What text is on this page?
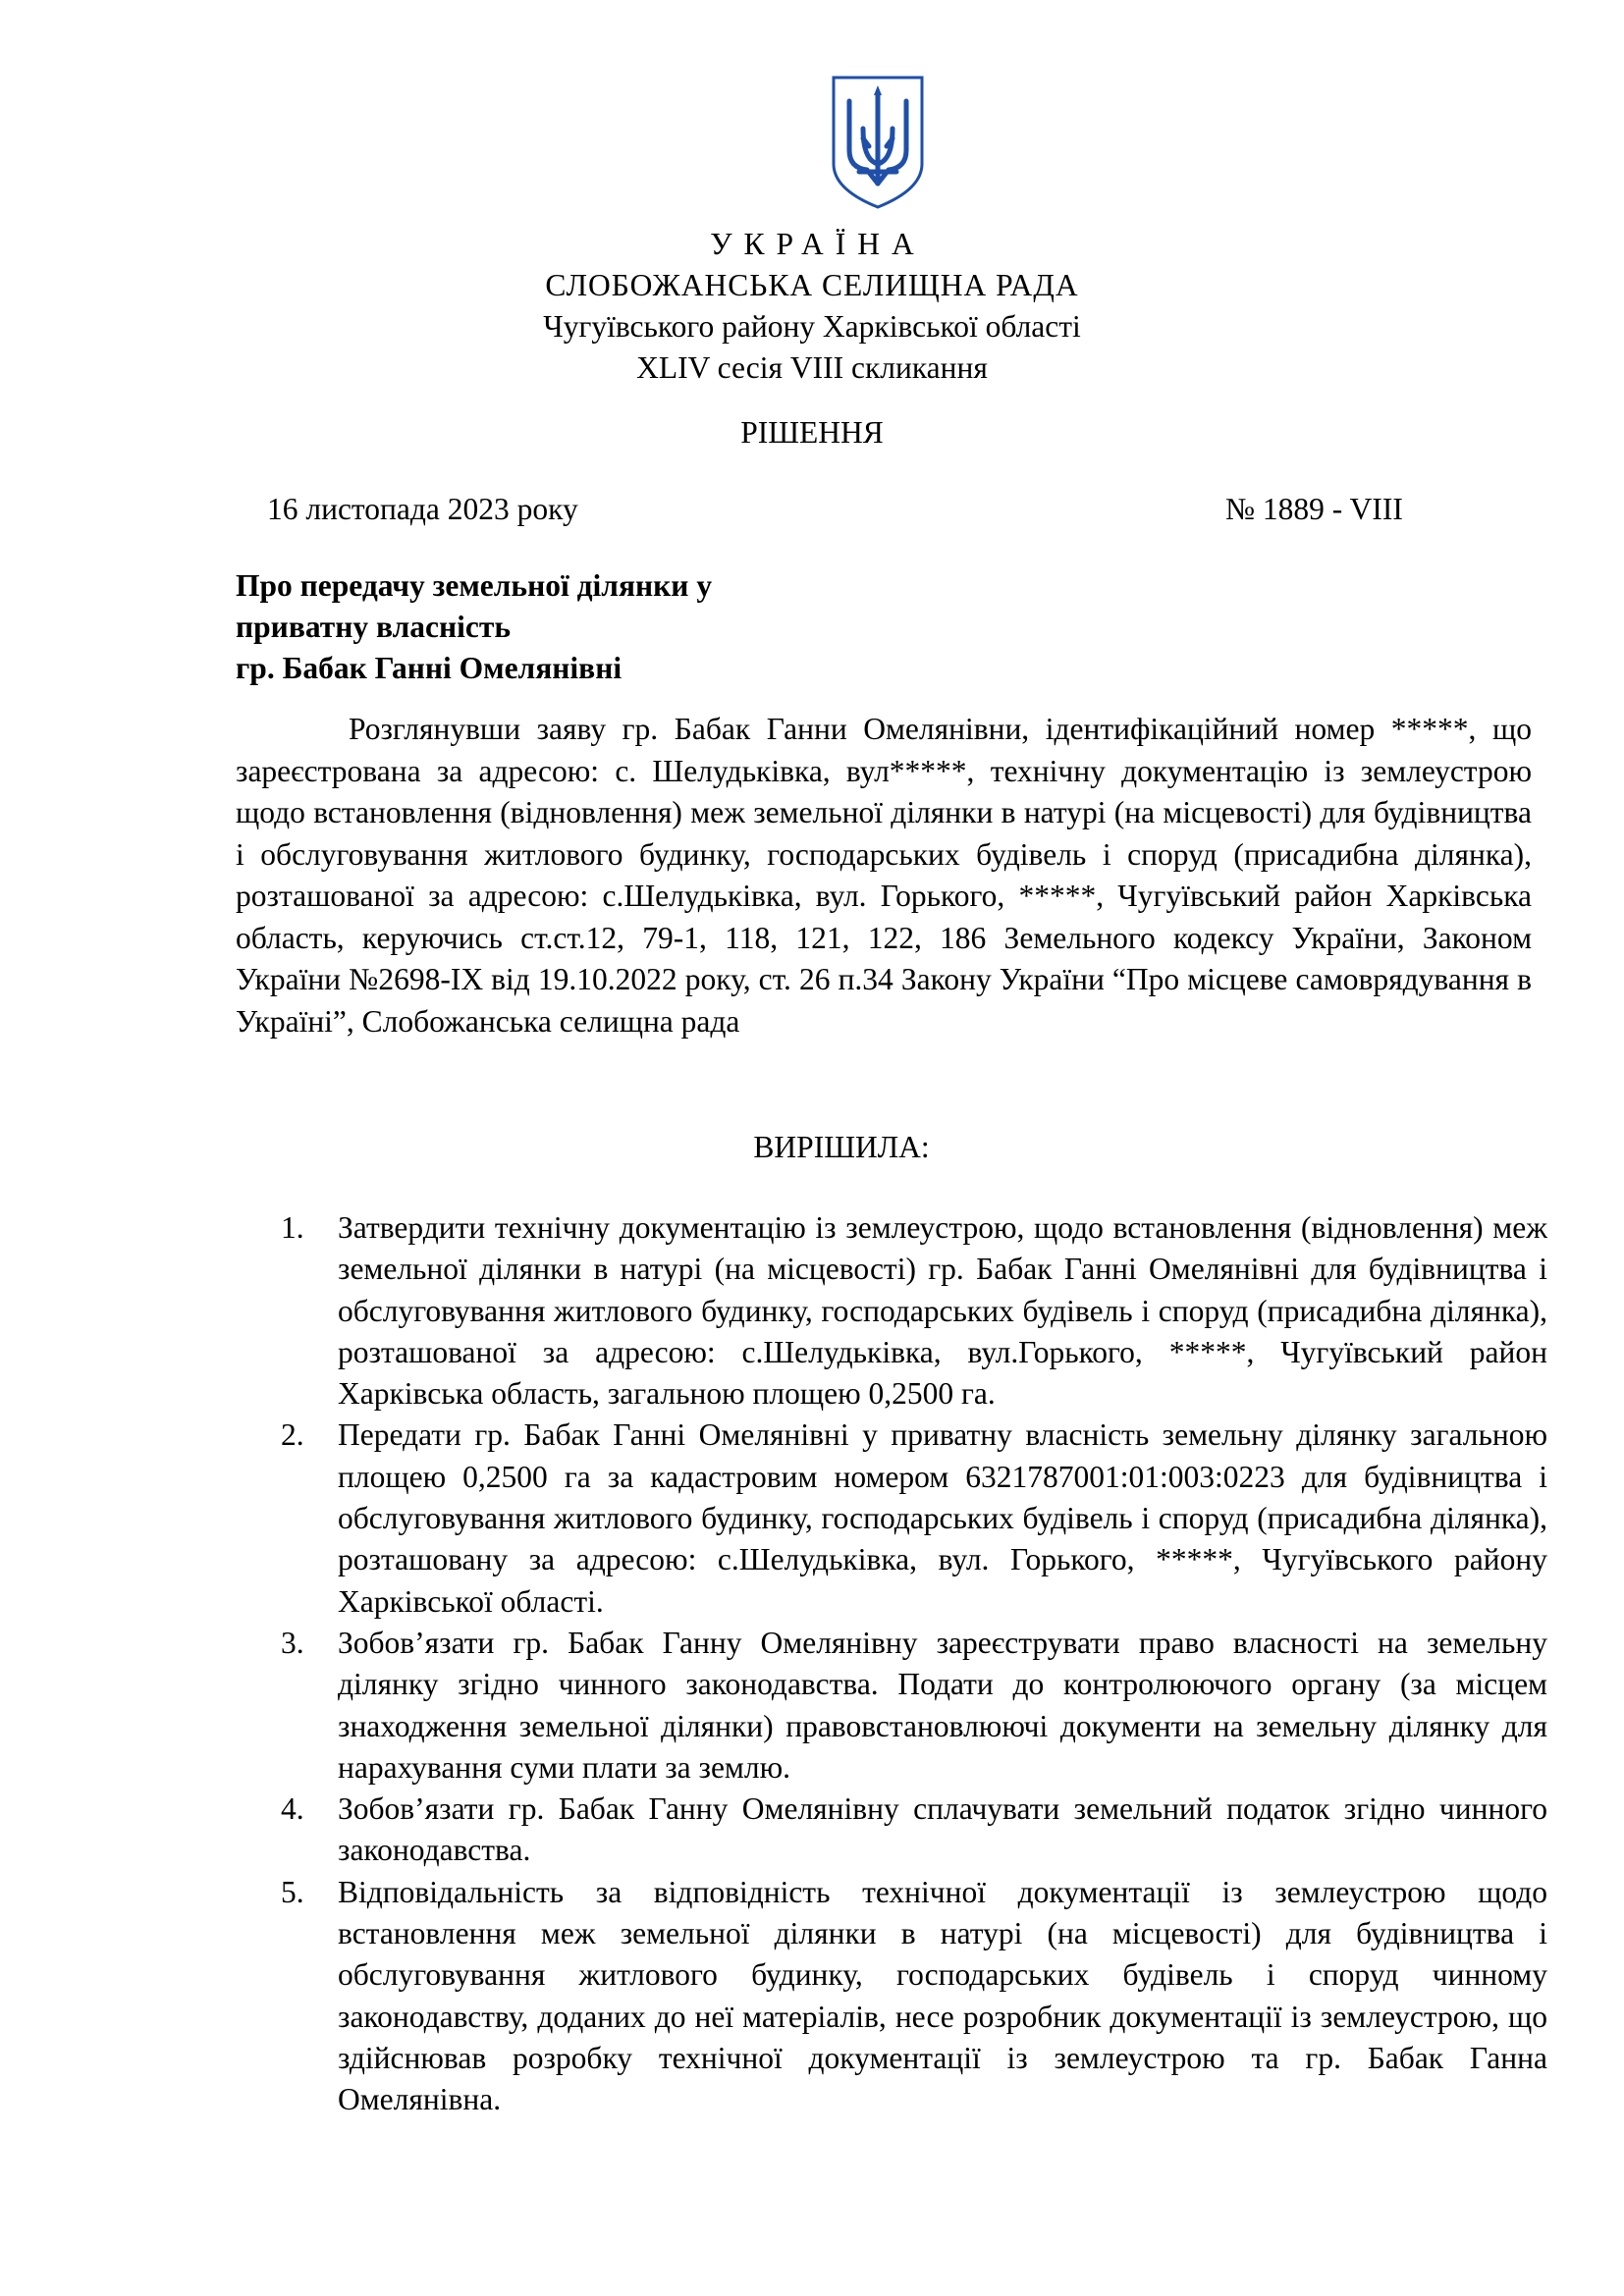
УКРАЇНА
СЛОБОЖАНСЬКА СЕЛИЩНА РАДА
Чугуївського району Харківської області
XLIV сесія VIII скликання
РІШЕННЯ
16 листопада 2023 року	№ 1889 - VIII
Про передачу земельної ділянки у
приватну власність
гр. Бабак Ганні Омелянівні

Розглянувши заяву гр. Бабак Ганни Омелянівни, ідентифікаційний номер *****, що зареєстрована за адресою: с. Шелудьківка, вул*****, технічну документацію із землеустрою щодо встановлення (відновлення) меж земельної ділянки в натурі (на місцевості) для будівництва і обслуговування житлового будинку, господарських будівель і споруд (присадибна ділянка), розташованої за адресою: с.Шелудьківка, вул. Горького, *****, Чугуївський район Харківська область, керуючись ст.ст.12, 79-1, 118, 121, 122, 186 Земельного кодексу України, Законом України №2698-ІХ від 19.10.2022 року, ст. 26 п.34 Закону України “Про місцеве самоврядування в Україні”, Слобожанська селищна рада

ВИРІШИЛА:
1. Затвердити технічну документацію із землеустрою, щодо встановлення (відновлення) меж земельної ділянки в натурі (на місцевості) гр. Бабак Ганні Омелянівні для будівництва і обслуговування житлового будинку, господарських будівель і споруд (присадибна ділянка), розташованої за адресою: с.Шелудьківка, вул.Горького, *****, Чугуївський район Харківська область, загальною площею 0,2500 га.
2. Передати гр. Бабак Ганні Омелянівні у приватну власність земельну ділянку загальною площею 0,2500 га за кадастровим номером 6321787001:01:003:0223 для будівництва і обслуговування житлового будинку, господарських будівель і споруд (присадибна ділянка), розташовану за адресою: с.Шелудьківка, вул. Горького, *****, Чугуївського району Харківської області.
3. Зобов’язати гр. Бабак Ганну Омелянівну зареєструвати право власності на земельну ділянку згідно чинного законодавства. Подати до контролюючого органу (за місцем знаходження земельної ділянки) правовстановлюючі документи на земельну ділянку для нарахування суми плати за землю.
4. Зобов’язати гр. Бабак Ганну Омелянівну сплачувати земельний податок згідно чинного законодавства.
5. Відповідальність за відповідність технічної документації із землеустрою щодо встановлення меж земельної ділянки в натурі (на місцевості) для будівництва і обслуговування житлового будинку, господарських будівель і споруд чинному законодавству, доданих до неї матеріалів, несе розробник документації із землеустрою, що здійснював розробку технічної документації із землеустрою та гр. Бабак Ганна Омелянівна.
